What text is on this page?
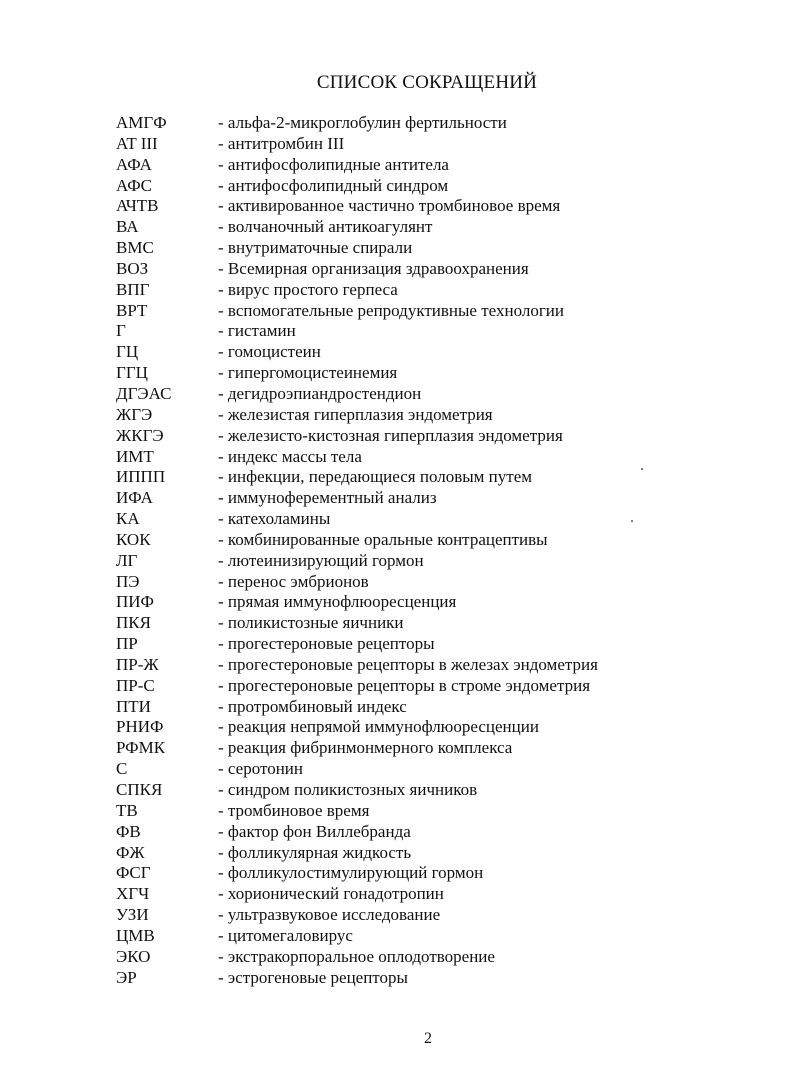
СПИСОК СОКРАЩЕНИЙ
АМГФ	- альфа-2-микроглобулин фертильности
AT III	- антитромбин III
АФА	- антифосфолипидные антитела
АФС	- антифосфолипидный синдром
АЧТВ	- активированное частично тромбиновое время
ВА	- волчаночный антикоагулянт
ВМС	- внутриматочные спирали
ВОЗ	- Всемирная организация здравоохранения
ВПГ	- вирус простого герпеса
ВРТ	- вспомогательные репродуктивные технологии
Г	- гистамин
ГЦ	- гомоцистеин
ГГЦ	- гипергомоцистеинемия
ДГЭАС	- дегидроэпиандростендион
ЖГЭ	- железистая гиперплазия эндометрия
ЖКГЭ	- железисто-кистозная гиперплазия эндометрия
ИМТ	- индекс массы тела
ИППП	- инфекции, передающиеся половым путем
ИФА	- иммуноферементный анализ
КА	- катехоламины
КОК	- комбинированные оральные контрацептивы
ЛГ	- лютеинизирующий гормон
ПЭ	- перенос эмбрионов
ПИФ	- прямая иммунофлюоресценция
ПКЯ	- поликистозные яичники
ПР	- прогестероновые рецепторы
ПР-Ж	- прогестероновые рецепторы в железах эндометрия
ПР-С	- прогестероновые рецепторы в строме эндометрия
ПТИ	- протромбиновый индекс
РНИФ	- реакция непрямой иммунофлюоресценции
РФМК	- реакция фибринмонмерного комплекса
С	- серотонин
СПКЯ	- синдром поликистозных яичников
ТВ	- тромбиновое время
ФВ	- фактор фон Виллебранда
ФЖ	- фолликулярная жидкость
ФСГ	- фолликулостимулирующий гормон
ХГЧ	- хорионический гонадотропин
УЗИ	- ультразвуковое исследование
ЦМВ	- цитомегаловирус
ЭКО	- экстракорпоральное оплодотворение
ЭР	- эстрогеновые рецепторы
2
